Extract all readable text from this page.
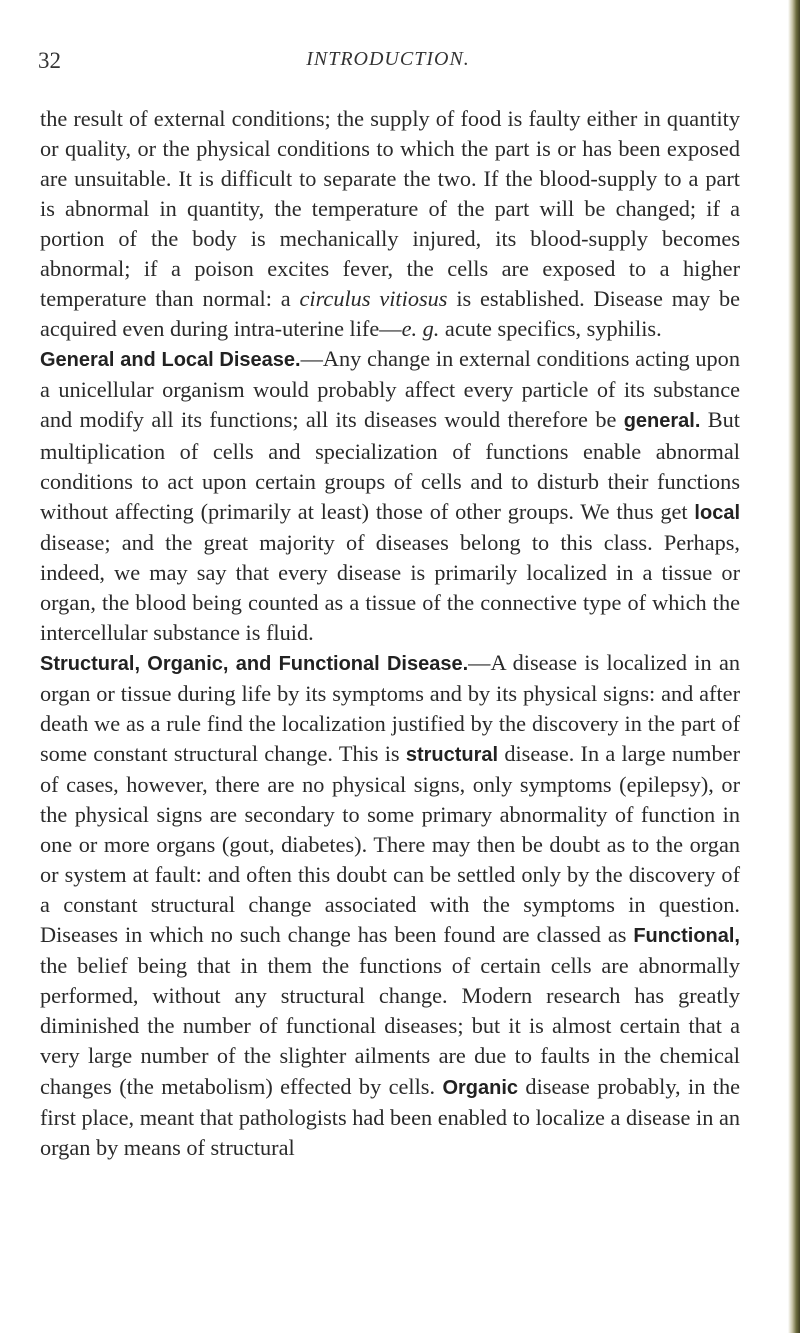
32	INTRODUCTION.

the result of external conditions; the supply of food is faulty either in quantity or quality, or the physical conditions to which the part is or has been exposed are unsuitable. It is difficult to separate the two. If the blood-supply to a part is abnormal in quantity, the temperature of the part will be changed; if a portion of the body is mechanically injured, its blood-supply becomes abnormal; if a poison excites fever, the cells are exposed to a higher temperature than normal: a circulus vitiosus is established. Disease may be acquired even during intra-uterine life—e. g. acute specifics, syphilis.

General and Local Disease.—Any change in external conditions acting upon a unicellular organism would probably affect every particle of its substance and modify all its functions; all its diseases would therefore be general. But multiplication of cells and specialization of functions enable abnormal conditions to act upon certain groups of cells and to disturb their functions without affecting (primarily at least) those of other groups. We thus get local disease; and the great majority of diseases belong to this class. Perhaps, indeed, we may say that every disease is primarily localized in a tissue or organ, the blood being counted as a tissue of the connective type of which the intercellular substance is fluid.

Structural, Organic, and Functional Disease.—A disease is localized in an organ or tissue during life by its symptoms and by its physical signs: and after death we as a rule find the localization justified by the discovery in the part of some constant structural change. This is structural disease. In a large number of cases, however, there are no physical signs, only symptoms (epilepsy), or the physical signs are secondary to some primary abnormality of function in one or more organs (gout, diabetes). There may then be doubt as to the organ or system at fault: and often this doubt can be settled only by the discovery of a constant structural change associated with the symptoms in question. Diseases in which no such change has been found are classed as Functional, the belief being that in them the functions of certain cells are abnormally performed, without any structural change. Modern research has greatly diminished the number of functional diseases; but it is almost certain that a very large number of the slighter ailments are due to faults in the chemical changes (the metabolism) effected by cells. Organic disease probably, in the first place, meant that pathologists had been enabled to localize a disease in an organ by means of structural
